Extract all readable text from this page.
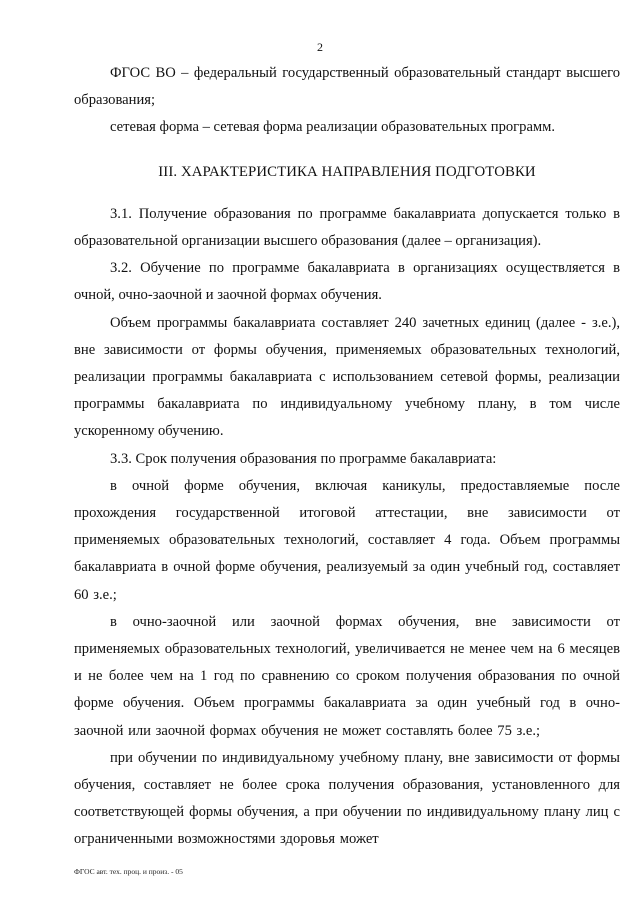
2

ФГОС ВО – федеральный государственный образовательный стандарт высшего образования;

сетевая форма – сетевая форма реализации образовательных программ.

III. ХАРАКТЕРИСТИКА НАПРАВЛЕНИЯ ПОДГОТОВКИ

3.1. Получение образования по программе бакалавриата допускается только в образовательной организации высшего образования (далее – организация).

3.2. Обучение по программе бакалавриата в организациях осуществляется в очной, очно-заочной и заочной формах обучения.

Объем программы бакалавриата составляет 240 зачетных единиц (далее - з.е.), вне зависимости от формы обучения, применяемых образовательных технологий, реализации программы бакалавриата с использованием сетевой формы, реализации программы бакалавриата по индивидуальному учебному плану, в том числе ускоренному обучению.

3.3. Срок получения образования по программе бакалавриата:

в очной форме обучения, включая каникулы, предоставляемые после прохождения государственной итоговой аттестации, вне зависимости от применяемых образовательных технологий, составляет 4 года. Объем программы бакалавриата в очной форме обучения, реализуемый за один учебный год, составляет 60 з.е.;

в очно-заочной или заочной формах обучения, вне зависимости от применяемых образовательных технологий, увеличивается не менее чем на 6 месяцев и не более чем на 1 год по сравнению со сроком получения образования по очной форме обучения. Объем программы бакалавриата за один учебный год в очно-заочной или заочной формах обучения не может составлять более 75 з.е.;

при обучении по индивидуальному учебному плану, вне зависимости от формы обучения, составляет не более срока получения образования, установленного для соответствующей формы обучения, а при обучении по индивидуальному плану лиц с ограниченными возможностями здоровья может

ФГОС авт. тех. проц. и произ. - 05
